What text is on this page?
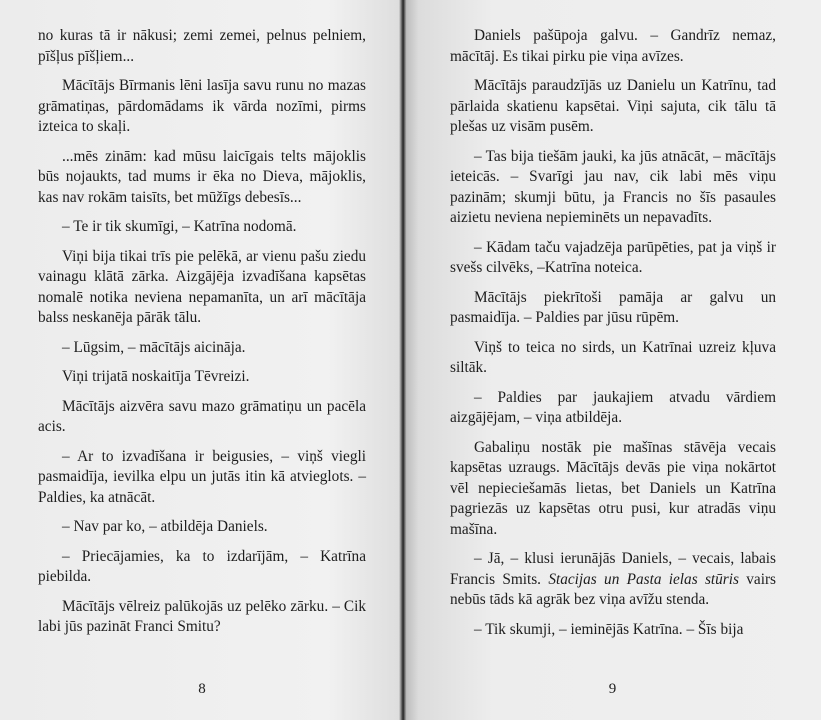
no kuras tā ir nākusi; zemi zemei, pelnus pelniem, pīšļus pīšļiem...

Mācītājs Bīrmanis lēni lasīja savu runu no mazas grāmatiņas, pārdomādams ik vārda nozīmi, pirms izteica to skaļi.

...mēs zinām: kad mūsu laicīgais telts mājoklis būs nojaukts, tad mums ir ēka no Dieva, mājoklis, kas nav rokām taisīts, bet mūžīgs debesīs...

– Te ir tik skumīgi, – Katrīna nodomā.

Viņi bija tikai trīs pie pelēkā, ar vienu pašu ziedu vainagu klātā zārka. Aizgājēja izvadīšana kapsētas nomalē notika neviena nepamanīta, un arī mācītāja balss neskanēja pārāk tālu.

– Lūgsim, – mācītājs aicināja.

Viņi trijatā noskaitīja Tēvreizi.

Mācītājs aizvēra savu mazo grāmatiņu un pacēla acis.

– Ar to izvadīšana ir beigusies, – viņš viegli pasmaidīja, ievilka elpu un jutās itin kā atvieglots. – Paldies, ka atnācāt.

– Nav par ko, – atbildēja Daniels.

– Priecājamies, ka to izdarījām, – Katrīna piebilda.

Mācītājs vēlreiz palūkojās uz pelēko zārku. – Cik labi jūs pazināt Franci Smitu?

8

Daniels pašūpoja galvu. – Gandrīz nemaz, mācītāj. Es tikai pirku pie viņa avīzes.

Mācītājs paraudzījās uz Danielu un Katrīnu, tad pārlaida skatienu kapsētai. Viņi sajuta, cik tālu tā plešas uz visām pusēm.

– Tas bija tiešām jauki, ka jūs atnācāt, – mācītājs ieteicās. – Svarīgi jau nav, cik labi mēs viņu pazinām; skumji būtu, ja Francis no šīs pasaules aizietu neviena nepieminēts un nepavadīts.

– Kādam taču vajadzēja parūpēties, pat ja viņš ir svešs cilvēks, –Katrīna noteica.

Mācītājs piekrītoši pamāja ar galvu un pasmaidīja. – Paldies par jūsu rūpēm.

Viņš to teica no sirds, un Katrīnai uzreiz kļuva siltāk.

– Paldies par jaukajiem atvadu vārdiem aizgājējam, – viņa atbildēja.

Gabaliņu nostāk pie mašīnas stāvēja vecais kapsētas uzraugs. Mācītājs devās pie viņa nokārtot vēl nepieciešamās lietas, bet Daniels un Katrīna pagriezās uz kapsētas otru pusi, kur atradās viņu mašīna.

– Jā, – klusi ierunājās Daniels, – vecais, labais Francis Smits. Stacijas un Pasta ielas stūris vairs nebūs tāds kā agrāk bez viņa avīžu stenda.

– Tik skumji, – ieminējās Katrīna. – Šīs bija

9
